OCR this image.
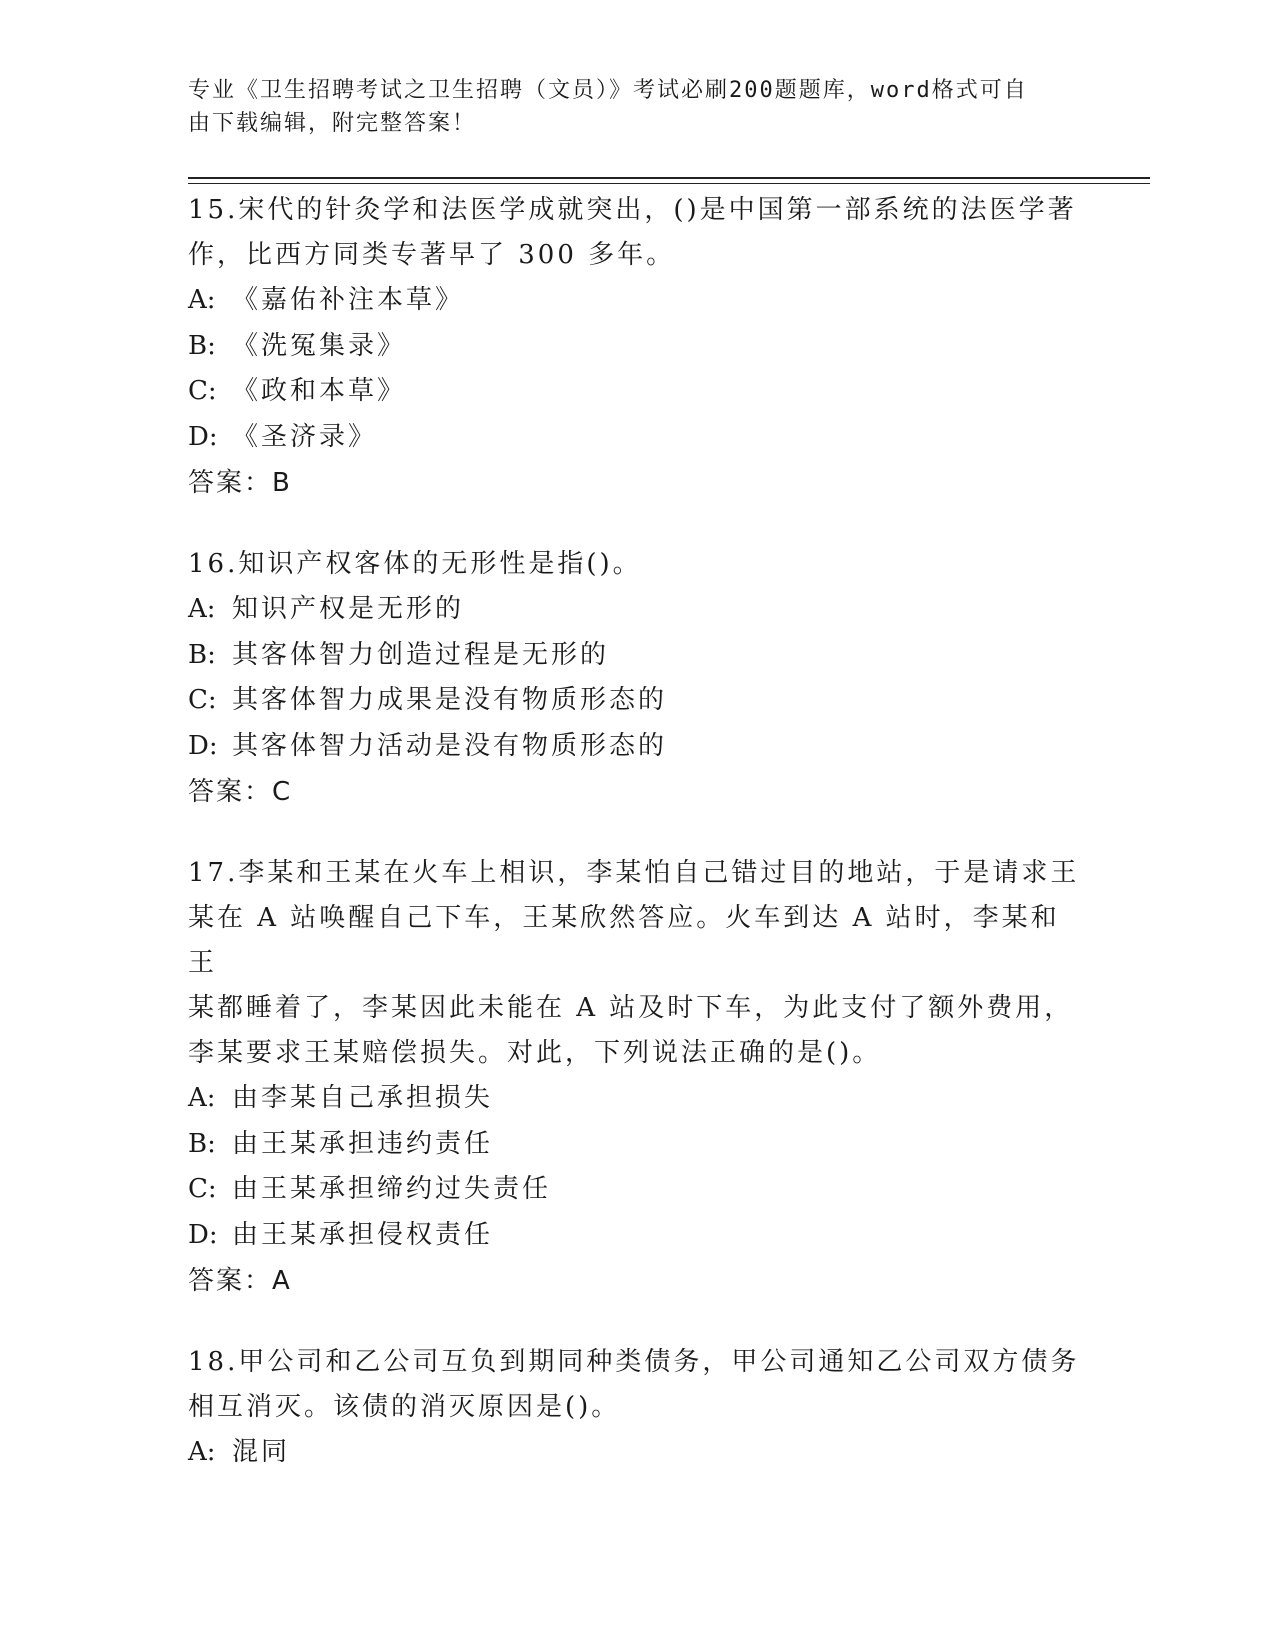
专业《卫生招聘考试之卫生招聘（文员）》考试必刷200题题库，word格式可自
由下载编辑，附完整答案！
15.宋代的针灸学和法医学成就突出，()是中国第一部系统的法医学著
作，比西方同类专著早了 300 多年。
A: 《嘉佑补注本草》
B: 《洗冤集录》
C: 《政和本草》
D: 《圣济录》
答案：B
16.知识产权客体的无形性是指()。
A: 知识产权是无形的
B: 其客体智力创造过程是无形的
C: 其客体智力成果是没有物质形态的
D: 其客体智力活动是没有物质形态的
答案：C
17.李某和王某在火车上相识，李某怕自己错过目的地站，于是请求王
某在 A 站唤醒自己下车，王某欣然答应。火车到达 A 站时，李某和王
某都睡着了，李某因此未能在 A 站及时下车，为此支付了额外费用，
李某要求王某赔偿损失。对此，下列说法正确的是()。
A: 由李某自己承担损失
B: 由王某承担违约责任
C: 由王某承担缔约过失责任
D: 由王某承担侵权责任
答案：A
18.甲公司和乙公司互负到期同种类债务，甲公司通知乙公司双方债务
相互消灭。该债的消灭原因是()。
A: 混同
